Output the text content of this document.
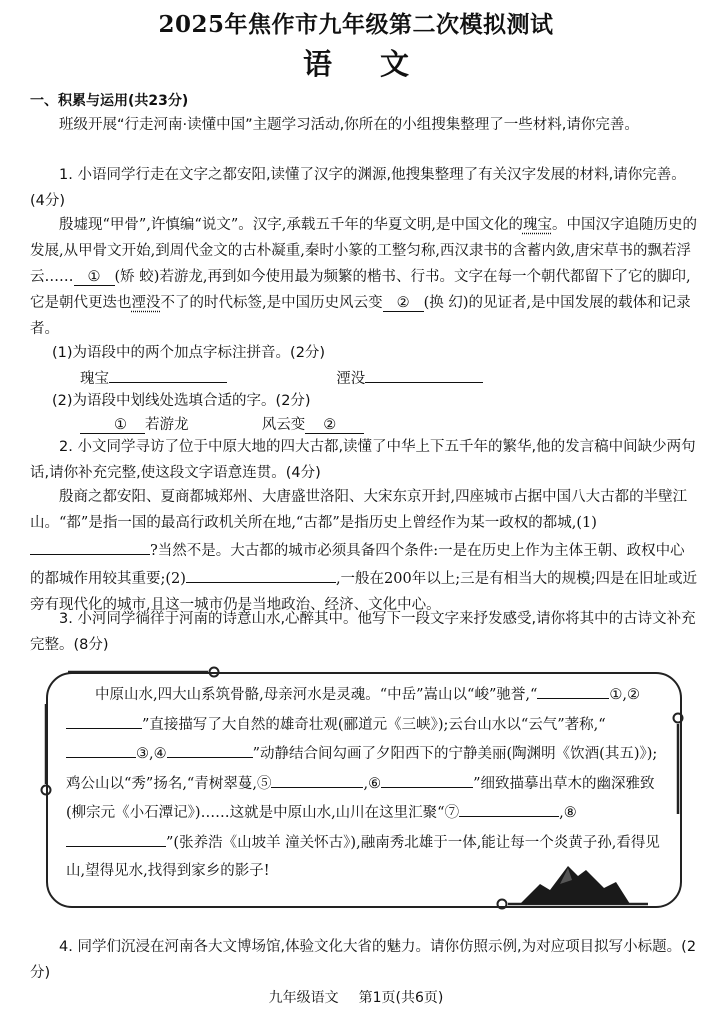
2025年焦作市九年级第二次模拟测试
语文
一、积累与运用(共23分)
班级开展“行走河南·读懂中国”主题学习活动,你所在的小组搜集整理了一些材料,请你完善。
1. 小语同学行走在文字之都安阳,读懂了汉字的渊源,他搜集整理了有关汉字发展的材料,请你完善。(4分)
殷墟现“甲骨”,许慎编“说文”。汉字,承载五千年的华夏文明,是中国文化的瑰宝。中国汉字追随历史的发展,从甲骨文开始,到周代金文的古朴凝重,秦时小篆的工整匀称,西汉隶书的含蓄内敛,唐宋草书的飘若浮云…… ① (矫 蛟)若游龙,再到如今使用最为频繁的楷书、行书。文字在每一个朝代都留下了它的脚印,它是朝代更迭也湮没不了的时代标签,是中国历史风云变 ② (换 幻)的见证者,是中国发展的载体和记录者。
(1)为语段中的两个加点字标注拼音。(2分)
瑰宝	湮没
(2)为语段中划线处选填合适的字。(2分)
① 若游龙	风云变 ②
2. 小文同学寻访了位于中原大地的四大古都,读懂了中华上下五千年的繁华,他的发言稿中间缺少两句话,请你补充完整,使这段文字语意连贯。(4分)
殷商之都安阳、夏商都城郑州、大唐盛世洛阳、大宋东京开封,四座城市占据中国八大古都的半壁江山。“都”是指一国的最高行政机关所在地,“古都”是指历史上曾经作为某一政权的都城,(1)?当然不是。大古都的城市必须具备四个条件:一是在历史上作为主体王朝、政权中心的都城作用较其重要;(2)	,一般在200年以上;三是有相当大的规模;四是在旧址或近旁有现代化的城市,且这一城市仍是当地政治、经济、文化中心。
3. 小河同学徜徉于河南的诗意山水,心醉其中。他写下一段文字来抒发感受,请你将其中的古诗文补充完整。(8分)
中原山水,四大山系筑骨骼,母亲河水是灵魂。“中岳”嵩山以“峻”驰誉,“	①,②”直接描写了大自然的雄奇壮观(郦道元《三峡》);云台山水以“云气”著称,“③,④	”动静结合间勾画了夕阳西下的宁静美丽(陶渊明《饮酒(其五)》);鸡公山以“秀”扬名,“青树翠蔓,⑤	,⑥	”细致描摹出草木的幽深雅致(柳宗元《小石潭记》)……这就是中原山水,山川在这里汇聚“⑦	,⑧”(张养浩《山坡羊 潼关怀古》),融南秀北雄于一体,能让每一个炎黄子孙,看得见山,望得见水,找得到家乡的影子!
4. 同学们沉浸在河南各大文博场馆,体验文化大省的魅力。请你仿照示例,为对应项目拟写小标题。(2分)
九年级语文 第1页(共6页)
